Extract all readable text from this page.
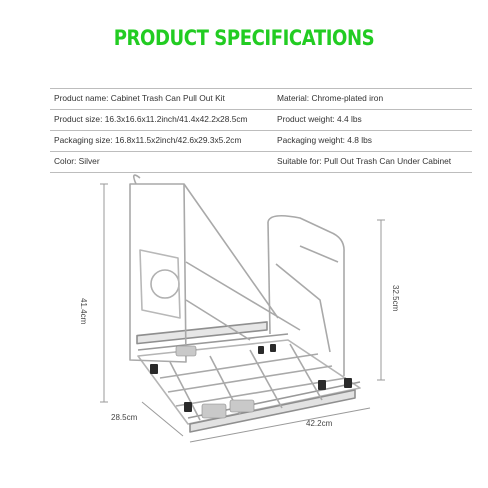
PRODUCT SPECIFICATIONS
Product name: Cabinet Trash Can Pull Out Kit	Material: Chrome-plated iron
Product size: 16.3x16.6x11.2inch/41.4x42.2x28.5cm	Product weight: 4.4 lbs
Packaging size: 16.8x11.5x2inch/42.6x29.3x5.2cm	Packaging weight: 4.8 lbs
Color: Silver	Suitable for: Pull Out Trash Can Under Cabinet
41.4cm	32.5cm
28.5cm
42.2cm
